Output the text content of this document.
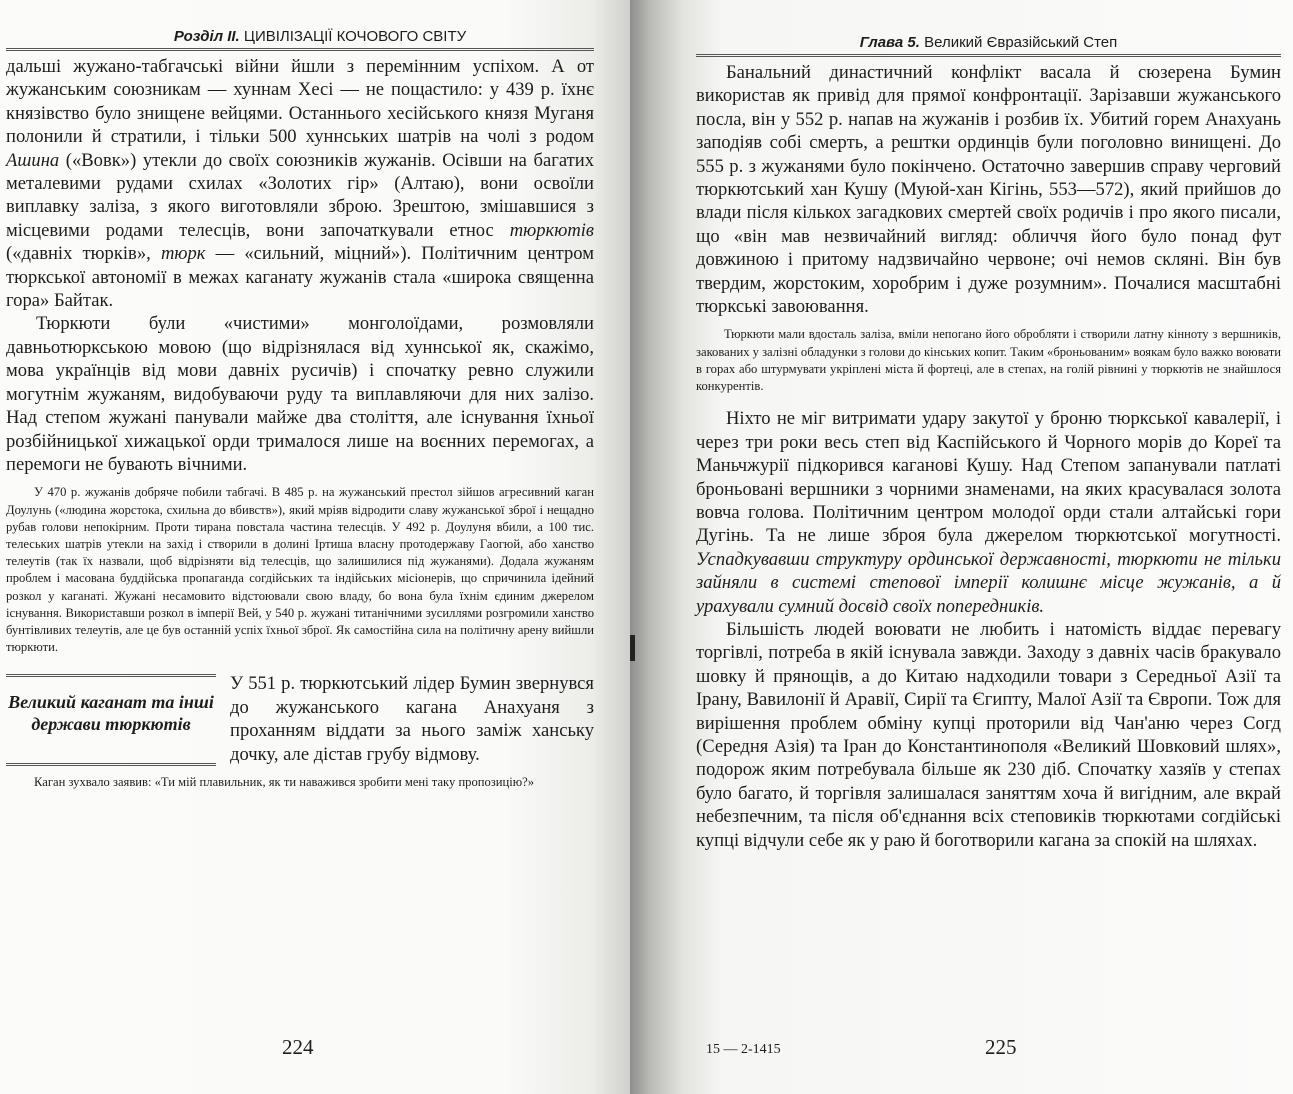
Розділ ІІ. ЦИВІЛІЗАЦІЇ КОЧОВОГО СВІТУ

дальші жужано-табгачські війни йшли з перемінним успіхом. А от жужанським союзникам — хуннам Хесі — не пощастило: у 439 р. їхнє князівство було знищене вейцями. Останнього хесійського князя Муганя полонили й стратили, і тільки 500 хуннських шатрів на чолі з родом Ашина («Вовк») утекли до своїх союзників жужанів. Осівши на багатих металевими рудами схилах «Золотих гір» (Алтаю), вони освоїли виплавку заліза, з якого виготовляли зброю. Зрештою, змішавшися з місцевими родами телесців, вони започаткували етнос тюркютів («давніх тюрків», тюрк — «сильний, міцний»). Політичним центром тюркської автономії в межах каганату жужанів стала «широка священна гора» Байтак.

Тюркюти були «чистими» монголоїдами, розмовляли давньотюркською мовою (що відрізнялася від хуннської як, скажімо, мова українців від мови давніх русичів) і спочатку ревно служили могутнім жужаням, видобуваючи руду та виплавляючи для них залізо. Над степом жужані панували майже два століття, але існування їхньої розбійницької хижацької орди трималося лише на воєнних перемогах, а перемоги не бувають вічними.

У 470 р. жужанів добряче побили табгачі. В 485 р. на жужанський престол зійшов агресивний каган Доулунь («людина жорстока, схильна до вбивств»), який мріяв відродити славу жужанської зброї і нещадно рубав голови непокірним. Проти тирана повстала частина телесців. У 492 р. Доулуня вбили, а 100 тис. телеських шатрів утекли на захід і створили в долині Іртиша власну протодержаву Гаогюй, або ханство телеутів (так їх назвали, щоб відрізняти від телесців, що залишилися під жужанями). Додала жужаням проблем і масована буддійська пропаганда согдійських та індійських місіонерів, що спричинила ідейний розкол у каганаті. Жужані несамовито відстоювали свою владу, бо вона була їхнім єдиним джерелом існування. Використавши розкол в імперії Вей, у 540 р. жужані титанічними зусиллями розгромили ханство бунтівливих телеутів, але це був останній успіх їхньої зброї. Як самостійна сила на політичну арену вийшли тюркюти.

Великий каганат та інші держави тюркютів

У 551 р. тюркютський лідер Бумин звернувся до жужанського кагана Анахуаня з проханням віддати за нього заміж ханську дочку, але дістав грубу відмову.

Каган зухвало заявив: «Ти мій плавильник, як ти наважився зробити мені таку пропозицію?»

224
Глава 5. Великий Євразійський Степ

Банальний династичний конфлікт васала й сюзерена Бумин використав як привід для прямої конфронтації. Зарізавши жужанського посла, він у 552 р. напав на жужанів і розбив їх. Убитий горем Анахуань заподіяв собі смерть, а рештки ординців були поголовно винищені. До 555 р. з жужанями було покінчено. Остаточно завершив справу черговий тюркютський хан Кушу (Муюй-хан Кігінь, 553—572), який прийшов до влади після кількох загадкових смертей своїх родичів і про якого писали, що «він мав незвичайний вигляд: обличчя його було понад фут довжиною і притому надзвичайно червоне; очі немов скляні. Він був твердим, жорстоким, хоробрим і дуже розумним». Почалися масштабні тюркські завоювання.

Тюркюти мали вдосталь заліза, вміли непогано його обробляти і створили латну кінноту з вершників, закованих у залізні обладунки з голови до кінських копит. Таким «броньованим» воякам було важко воювати в горах або штурмувати укріплені міста й фортеці, але в степах, на голій рівнині у тюркютів не знайшлося конкурентів.

Ніхто не міг витримати удару закутої у броню тюркської кавалерії, і через три роки весь степ від Каспійського й Чорного морів до Кореї та Маньчжурії підкорився каганові Кушу. Над Степом запанували патлаті броньовані вершники з чорними знаменами, на яких красувалася золота вовча голова. Політичним центром молодої орди стали алтайські гори Дугінь. Та не лише зброя була джерелом тюркютської могутності. Успадкувавши структуру ординської державності, тюркюти не тільки зайняли в системі степової імперії колишнє місце жужанів, а й урахували сумний досвід своїх попередників.

Більшість людей воювати не любить і натомість віддає перевагу торгівлі, потреба в якій існувала завжди. Заходу з давніх часів бракувало шовку й прянощів, а до Китаю надходили товари з Середньої Азії та Ірану, Вавилонії й Аравії, Сирії та Єгипту, Малої Азії та Європи. Тож для вирішення проблем обміну купці проторили від Чан'аню через Согд (Середня Азія) та Іран до Константинополя «Великий Шовковий шлях», подорож яким потребувала більше як 230 діб. Спочатку хазяїв у степах було багато, й торгівля залишалася заняттям хоча й вигідним, але вкрай небезпечним, та після об'єднання всіх степовиків тюркютами согдійські купці відчули себе як у раю й боготворили кагана за спокій на шляхах.

15 — 2-1415	225
